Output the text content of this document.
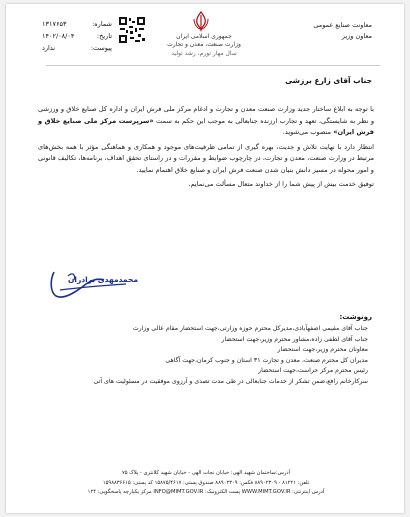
شماره:
۱۳۱۷۶۵۳
تاریخ:
۱۴۰۲/۰۸/۰۴
پیوست:
ندارد
جمهوری اسلامی ایران
وزارت صنعت، معدن و تجارت
سال مهار تورم، رشد تولید
معاونت صنایع عمومی
معاون وزیر
جناب آقای زارع برزشی

با توجه به ابلاغ ساختار جدید وزارت صنعت معدن و تجارت و ادغام مرکز ملی فرش ایران و اداره کل صنایع خلاق و ورزشی و نظر به شایستگی، تعهد و تجارب ارزنده جنابعالی به موجب این حکم به سمت «سرپرست مرکز ملی صنایع خلاق و فرش ایران» منصوب می‌شوید.

انتظار دارد با نهایت تلاش و جدیت، بهره گیری از تمامی ظرفیت‌های موجود و همکاری و هماهنگی مؤثر با همه بخش‌های مرتبط در وزارت صنعت، معدن و تجارت، در چارچوب ضوابط و مقررات و در راستای تحقق اهداف، برنامه‌ها، تکالیف قانونی و امور محوله در مسیر دانش بنیان شدن صنعت فرش ایران و صنایع خلاق اهتمام نمایید.

توفیق خدمت بیش از پیش شما را از خداوند متعال مسألت می‌نمایم.

محمدمهدی برادران
رونوشت:
جناب آقای مقیمی اصفهآبادی،مدیرکل محترم حوزه وزارتی،جهت استحضار مقام عالی وزارت
جناب آقای لطفی زاده،مشاور محترم وزیر،جهت استحضار
معاونان محترم وزیر،جهت استحضار
مدیران کل محترم صنعت، معدن و تجارت ۳۱ استان و جنوب کرمان،جهت آگاهی
رئیس محترم مرکز حراست،جهت استحضار
سرکارخانم رافع،ضمن تشکر از خدمات جنابعالی در طی مدت تصدی و آرزوی موفقیت در مسئولیت های آتی
آدرس:ساختمان شهید الهی: خیابان نجات الهی - خیابان شهید کلانتری - پلاک ۷۵
تلفن: ۸۱۲۲۱ - ۸۸۹۰۲۳۰۹ فکس: ۸۸۹۰۲۳۰۹ صندوق پستی: ۱۵۸۷۵/۴۶۱۷ کد پستی: ۱۵۹۸۸۳۶۶۱۵
آدرس اینترنتی: WWW.MIMT.GOV.IR پست الکترونیک: INFO@MIMT.GOV.IR مرکز یکپارچه پاسخگویی: ۱۲۴
